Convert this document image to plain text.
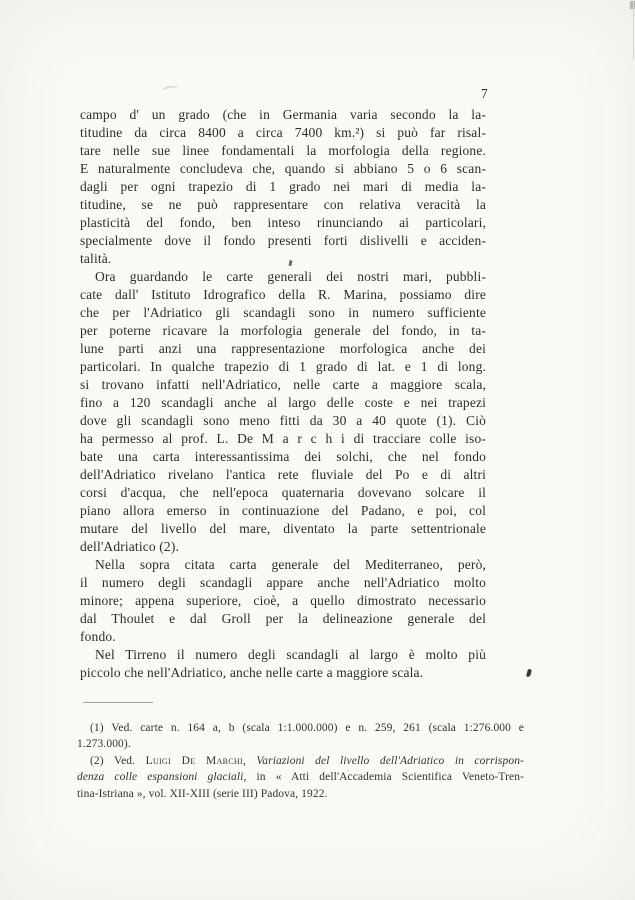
7
campo d' un grado (che in Germania varia secondo la la-
titudine da circa 8400 a circa 7400 km.²) si può far risal-
tare nelle sue linee fondamentali la morfologia della regione.
E naturalmente concludeva che, quando si abbiano 5 o 6 scan-
dagli per ogni trapezio di 1 grado nei mari di media la-
titudine, se ne può rappresentare con relativa veracità la
plasticità del fondo, ben inteso rinunciando ai particolari,
specialmente dove il fondo presenti forti dislivelli e acciden-
talità.
Ora guardando le carte generali dei nostri mari, pubbli-
cate dall' Istituto Idrografico della R. Marina, possiamo dire
che per l'Adriatico gli scandagli sono in numero sufficiente
per poterne ricavare la morfologia generale del fondo, in ta-
lune parti anzi una rappresentazione morfologica anche dei
particolari. In qualche trapezio di 1 grado di lat. e 1 di long.
si trovano infatti nell'Adriatico, nelle carte a maggiore scala,
fino a 120 scandagli anche al largo delle coste e nei trapezi
dove gli scandagli sono meno fitti da 30 a 40 quote (1). Ciò
ha permesso al prof. L. De M a r c h i di tracciare colle iso-
bate una carta interessantissima dei solchi, che nel fondo
dell'Adriatico rivelano l'antica rete fluviale del Po e di altri
corsi d'acqua, che nell'epoca quaternaria dovevano solcare il
piano allora emerso in continuazione del Padano, e poi, col
mutare del livello del mare, diventato la parte settentrionale
dell'Adriatico (2).
Nella sopra citata carta generale del Mediterraneo, però,
il numero degli scandagli appare anche nell'Adriatico molto
minore; appena superiore, cioè, a quello dimostrato necessario
dal Thoulet e dal Groll per la delineazione generale del
fondo.
Nel Tirreno il numero degli scandagli al largo è molto più
piccolo che nell'Adriatico, anche nelle carte a maggiore scala.
(1) Ved. carte n. 164 a, b (scala 1:1.000.000) e n. 259, 261 (scala 1:276.000 e
1.273.000).
(2) Ved. Luigi De Marchi, Variazioni del livello dell'Adriatico in corrispon-
denza colle espansioni glaciali, in « Atti dell'Accademia Scientifica Veneto-Tren-
tina-Istriana », vol. XII-XIII (serie III) Padova, 1922.
